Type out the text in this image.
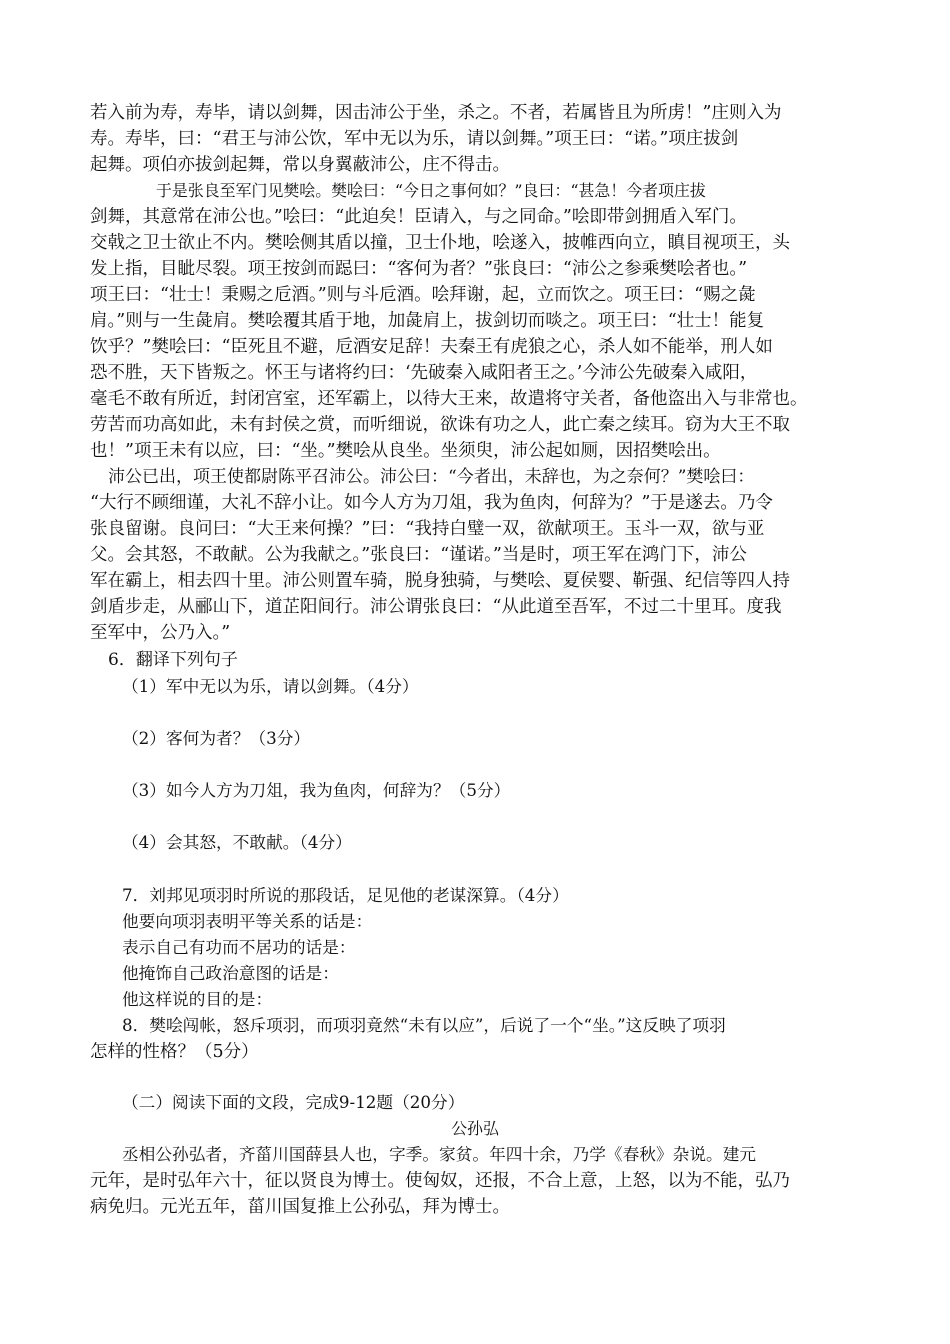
若入前为寿，寿毕，请以剑舞，因击沛公于坐，杀之。不者，若属皆且为所虏！”庄则入为
寿。寿毕，曰：“君王与沛公饮，军中无以为乐，请以剑舞。”项王曰：“诺。”项庄拔剑
起舞。项伯亦拔剑起舞，常以身翼蔽沛公，庄不得击。
于是张良至军门见樊哙。樊哙曰：“今日之事何如？”良曰：“甚急！今者项庄拔
剑舞，其意常在沛公也。”哙曰：“此迫矣！臣请入，与之同命。”哙即带剑拥盾入军门。
交戟之卫士欲止不内。樊哙侧其盾以撞，卫士仆地，哙遂入，披帷西向立，瞋目视项王，头
发上指，目眦尽裂。项王按剑而跽曰：“客何为者？”张良曰：“沛公之参乘樊哙者也。”
项王曰：“壮士！秉赐之卮酒。”则与斗卮酒。哙拜谢，起，立而饮之。项王曰：“赐之彘
肩。”则与一生彘肩。樊哙覆其盾于地，加彘肩上，拔剑切而啖之。项王曰：“壮士！能复
饮乎？”樊哙曰：“臣死且不避，卮酒安足辞！夫秦王有虎狼之心，杀人如不能举，刑人如
恐不胜，天下皆叛之。怀王与诸将约曰：‘先破秦入咸阳者王之。’今沛公先破秦入咸阳，
毫毛不敢有所近，封闭宫室，还军霸上，以待大王来，故遣将守关者，备他盗出入与非常也。
劳苦而功高如此，未有封侯之赏，而听细说，欲诛有功之人，此亡秦之续耳。窃为大王不取
也！”项王未有以应，曰：“坐。”樊哙从良坐。坐须臾，沛公起如厕，因招樊哙出。
沛公已出，项王使都尉陈平召沛公。沛公曰：“今者出，未辞也，为之奈何？”樊哙曰：
“大行不顾细谨，大礼不辞小让。如今人方为刀俎，我为鱼肉，何辞为？”于是遂去。乃令
张良留谢。良问曰：“大王来何操？”曰：“我持白璧一双，欲献项王。玉斗一双，欲与亚
父。会其怒，不敢献。公为我献之。”张良曰：“谨诺。”当是时，项王军在鸿门下，沛公
军在霸上，相去四十里。沛公则置车骑，脱身独骑，与樊哙、夏侯婴、靳强、纪信等四人持
剑盾步走，从郦山下，道芷阳间行。沛公谓张良曰：“从此道至吾军，不过二十里耳。度我
至军中，公乃入。”
6．翻译下列句子
（1）军中无以为乐，请以剑舞。（4分）
（2）客何为者？（3分）
（3）如今人方为刀俎，我为鱼肉，何辞为？（5分）
（4）会其怒，不敢献。（4分）
7．刘邦见项羽时所说的那段话，足见他的老谋深算。（4分）
他要向项羽表明平等关系的话是：
表示自己有功而不居功的话是：
他掩饰自己政治意图的话是：
他这样说的目的是：
8．樊哙闯帐，怒斥项羽，而项羽竟然“未有以应”，后说了一个“坐。”这反映了项羽
怎样的性格？（5分）
（二）阅读下面的文段，完成9-12题（20分）
公孙弘
丞相公孙弘者，齐菑川国薛县人也，字季。家贫。年四十余，乃学《春秋》杂说。建元
元年，是时弘年六十，征以贤良为博士。使匈奴，还报，不合上意，上怒，以为不能，弘乃
病免归。元光五年，菑川国复推上公孙弘，拜为博士。
